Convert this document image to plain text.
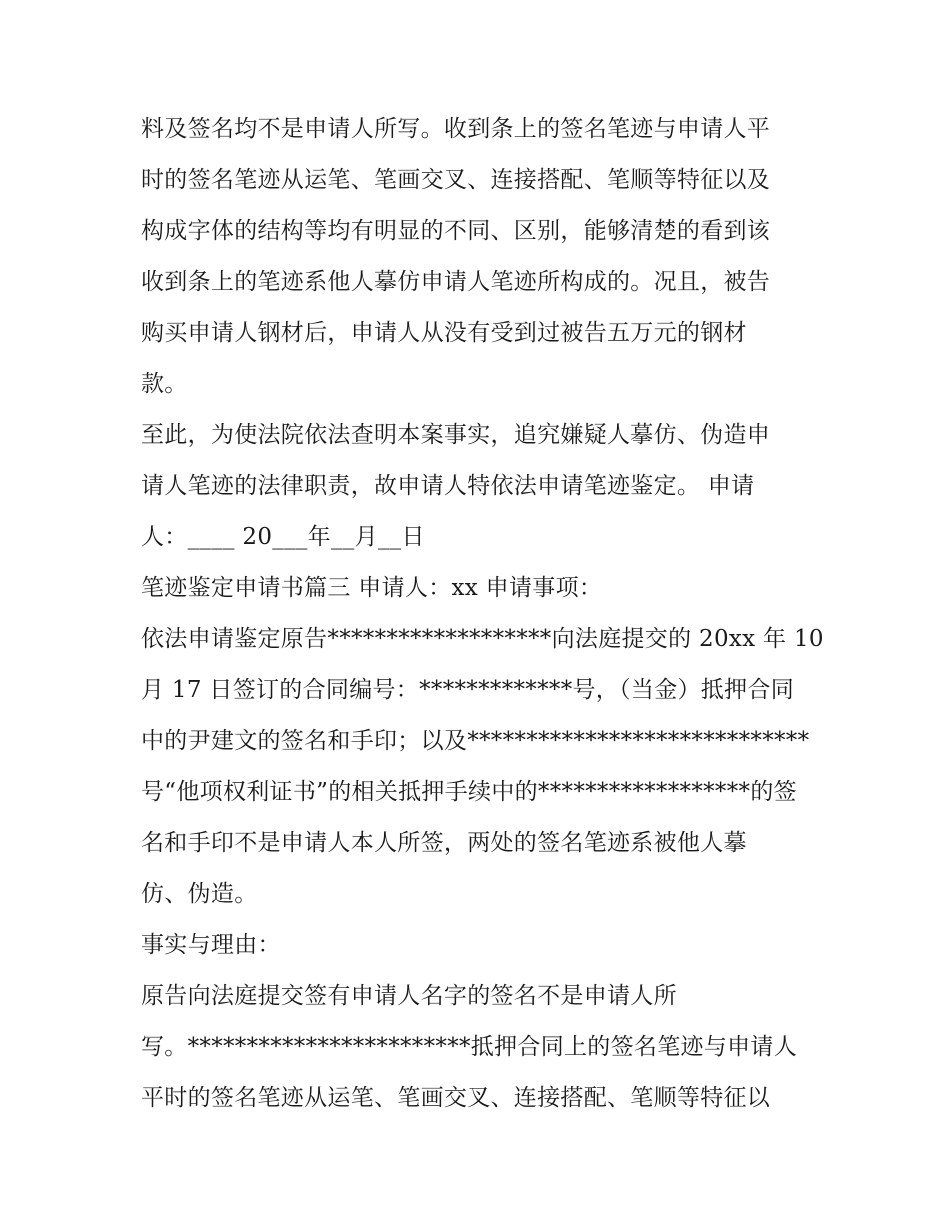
料及签名均不是申请人所写。收到条上的签名笔迹与申请人平
时的签名笔迹从运笔、笔画交叉、连接搭配、笔顺等特征以及
构成字体的结构等均有明显的不同、区别，能够清楚的看到该
收到条上的笔迹系他人摹仿申请人笔迹所构成的。况且，被告
购买申请人钢材后，申请人从没有受到过被告五万元的钢材
款。
至此，为使法院依法查明本案事实，追究嫌疑人摹仿、伪造申
请人笔迹的法律职责，故申请人特依法申请笔迹鉴定。 申请
人：____ 20___年__月__日
笔迹鉴定申请书篇三 申请人：xx 申请事项：
依法申请鉴定原告*******************向法庭提交的 20xx 年 10
月 17 日签订的合同编号：*************号，（当金）抵押合同
中的尹建文的签名和手印；以及*****************************
号“他项权利证书”的相关抵押手续中的******************的签
名和手印不是申请人本人所签，两处的签名笔迹系被他人摹
仿、伪造。
事实与理由：
原告向法庭提交签有申请人名字的签名不是申请人所
写。************************抵押合同上的签名笔迹与申请人
平时的签名笔迹从运笔、笔画交叉、连接搭配、笔顺等特征以
